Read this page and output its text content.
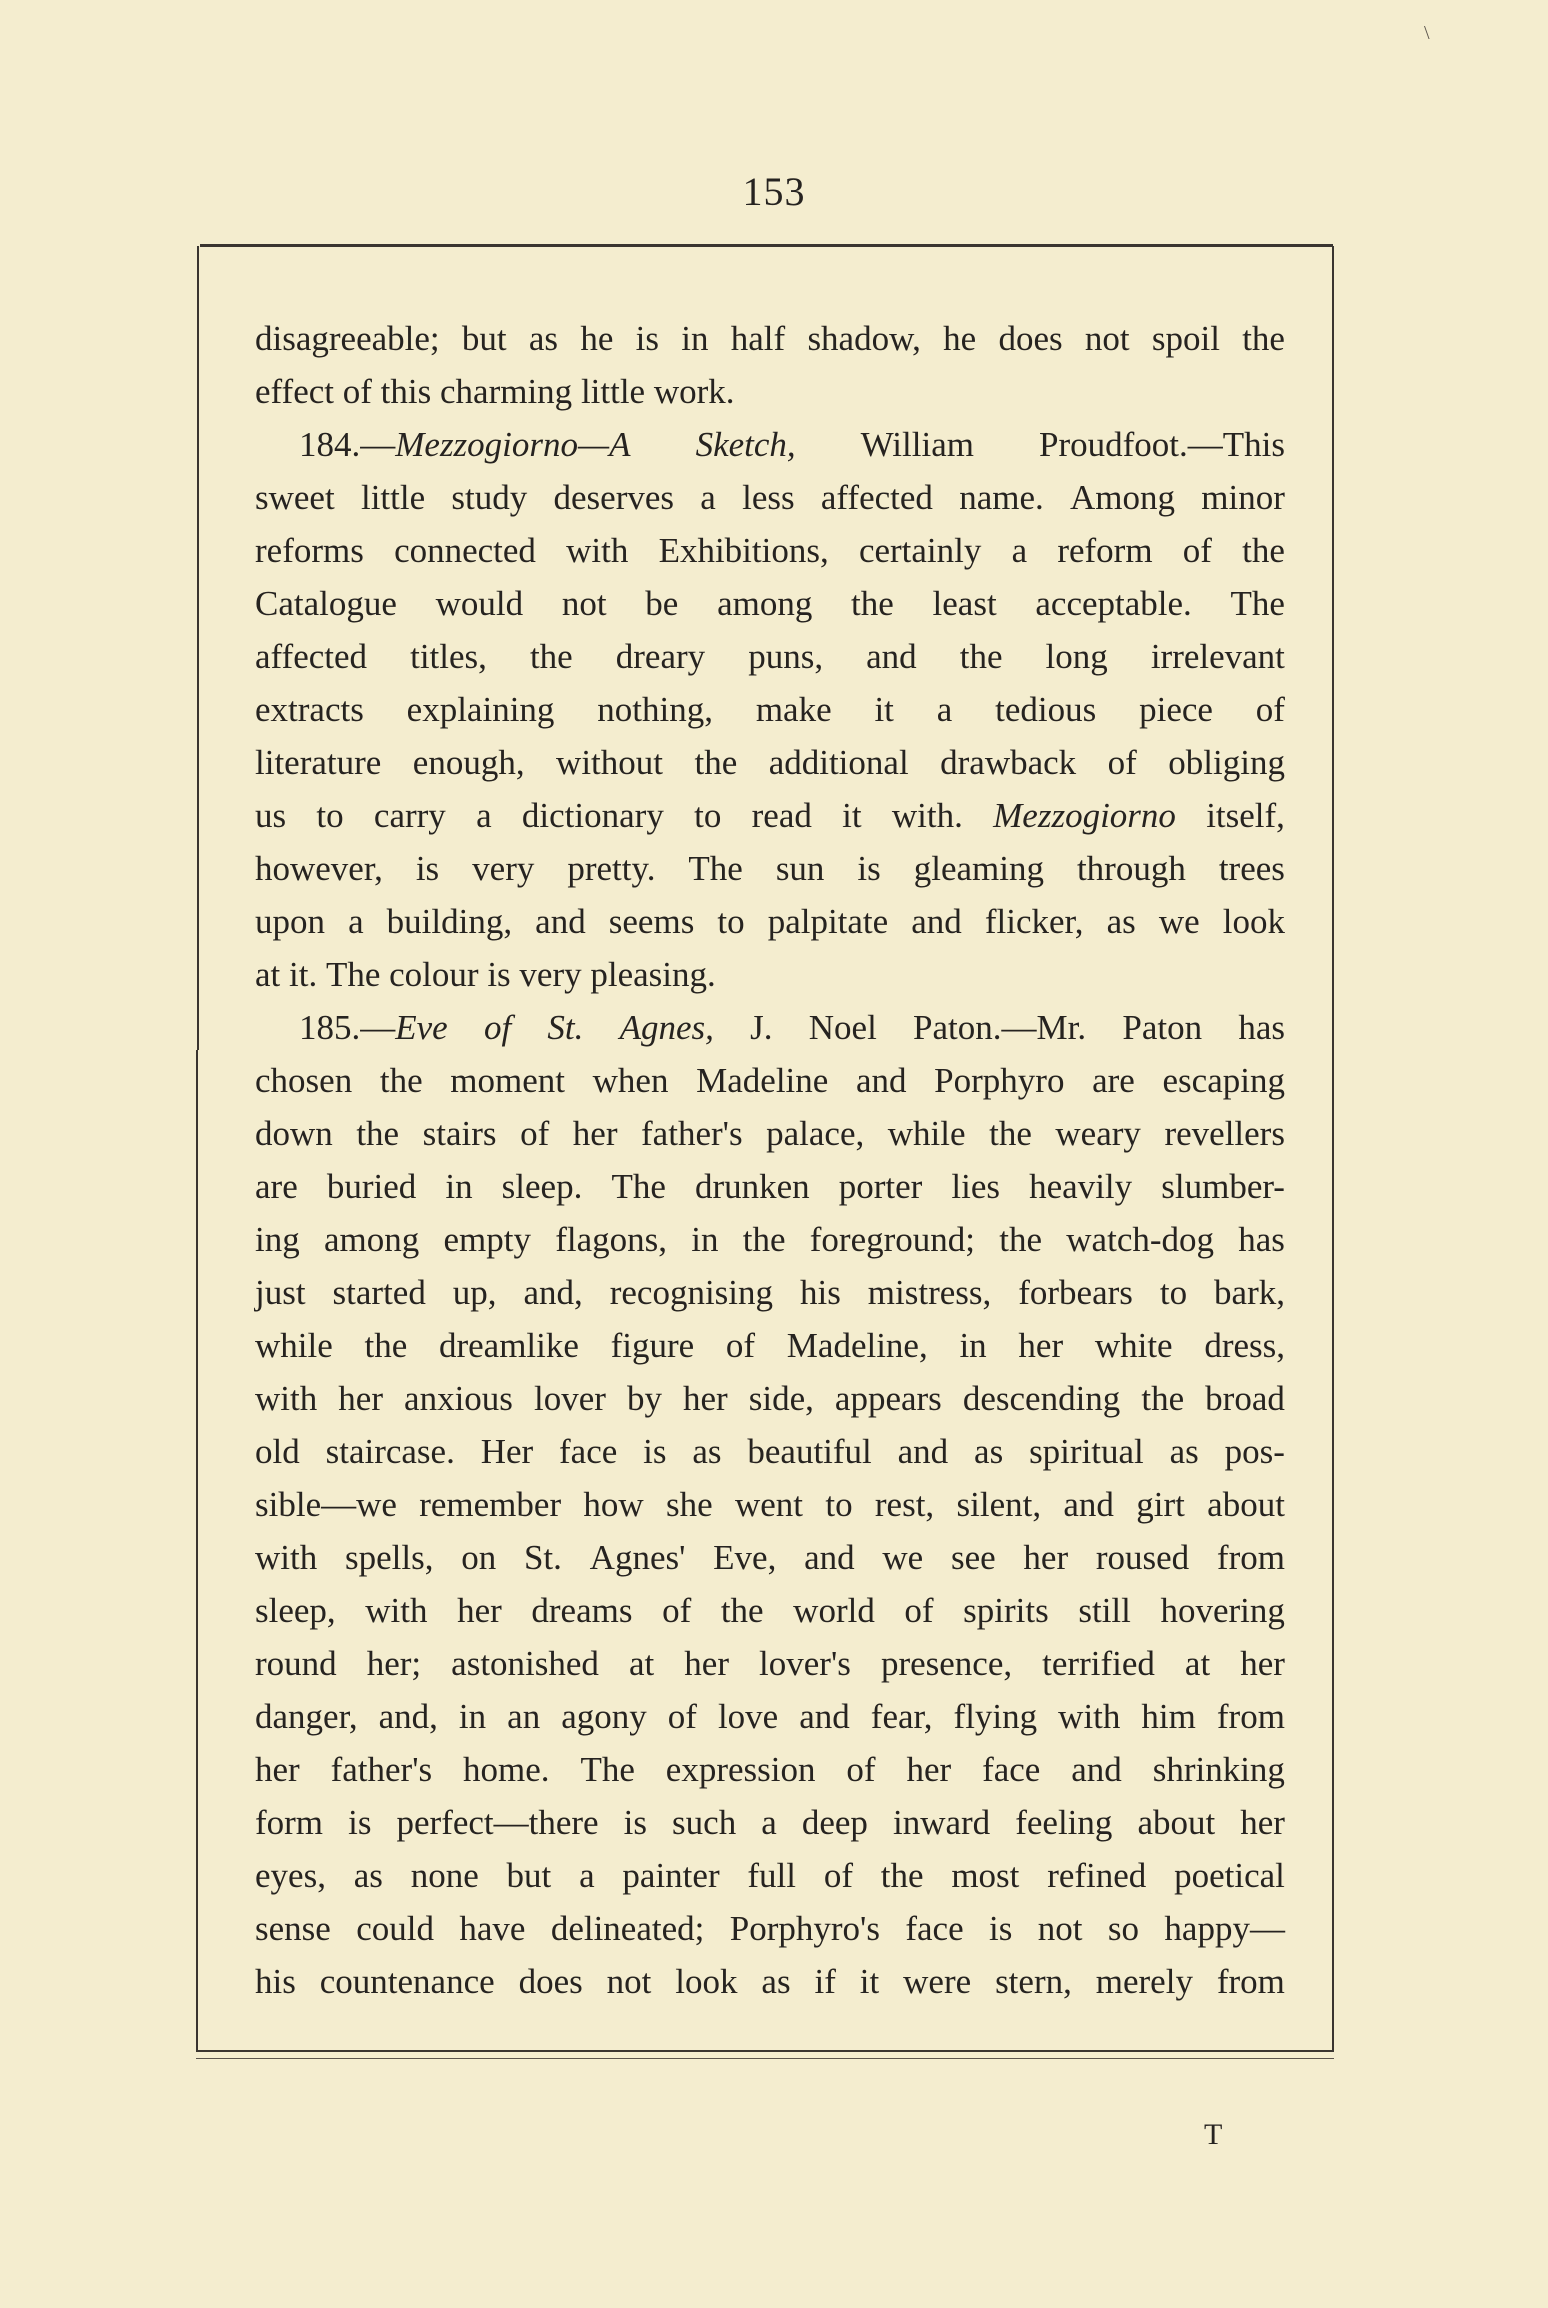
\
153
disagreeable; but as he is in half shadow, he does not spoil the
effect
of
this
charming
little
work.
184.—Mezzogiorno—A Sketch, William Proudfoot.—This
sweet little study deserves a less affected name. Among minor
reforms connected with Exhibitions, certainly a reform of the
Catalogue would not be among the least acceptable. The
affected titles, the dreary puns, and the long irrelevant
extracts explaining nothing, make it a tedious piece of
literature enough, without the additional drawback of obliging
us to carry a dictionary to read it with. Mezzogiorno itself,
however, is very pretty. The sun is gleaming through trees
upon a building, and seems to palpitate and flicker, as we look
at
it.
The
colour
is
very
pleasing.
185.—Eve of St. Agnes, J. Noel Paton.—Mr. Paton has
chosen the moment when Madeline and Porphyro are escaping
down the stairs of her father's palace, while the weary revellers
are buried in sleep. The drunken porter lies heavily slumber-
ing among empty flagons, in the foreground; the watch-dog has
just started up, and, recognising his mistress, forbears to bark,
while the dreamlike figure of Madeline, in her white dress,
with her anxious lover by her side, appears descending the broad
old staircase. Her face is as beautiful and as spiritual as pos-
sible—we remember how she went to rest, silent, and girt about
with spells, on St. Agnes' Eve, and we see her roused from
sleep, with her dreams of the world of spirits still hovering
round her; astonished at her lover's presence, terrified at her
danger, and, in an agony of love and fear, flying with him from
her father's home. The expression of her face and shrinking
form is perfect—there is such a deep inward feeling about her
eyes, as none but a painter full of the most refined poetical
sense could have delineated; Porphyro's face is not so happy—
his countenance does not look as if it were stern, merely from
T
